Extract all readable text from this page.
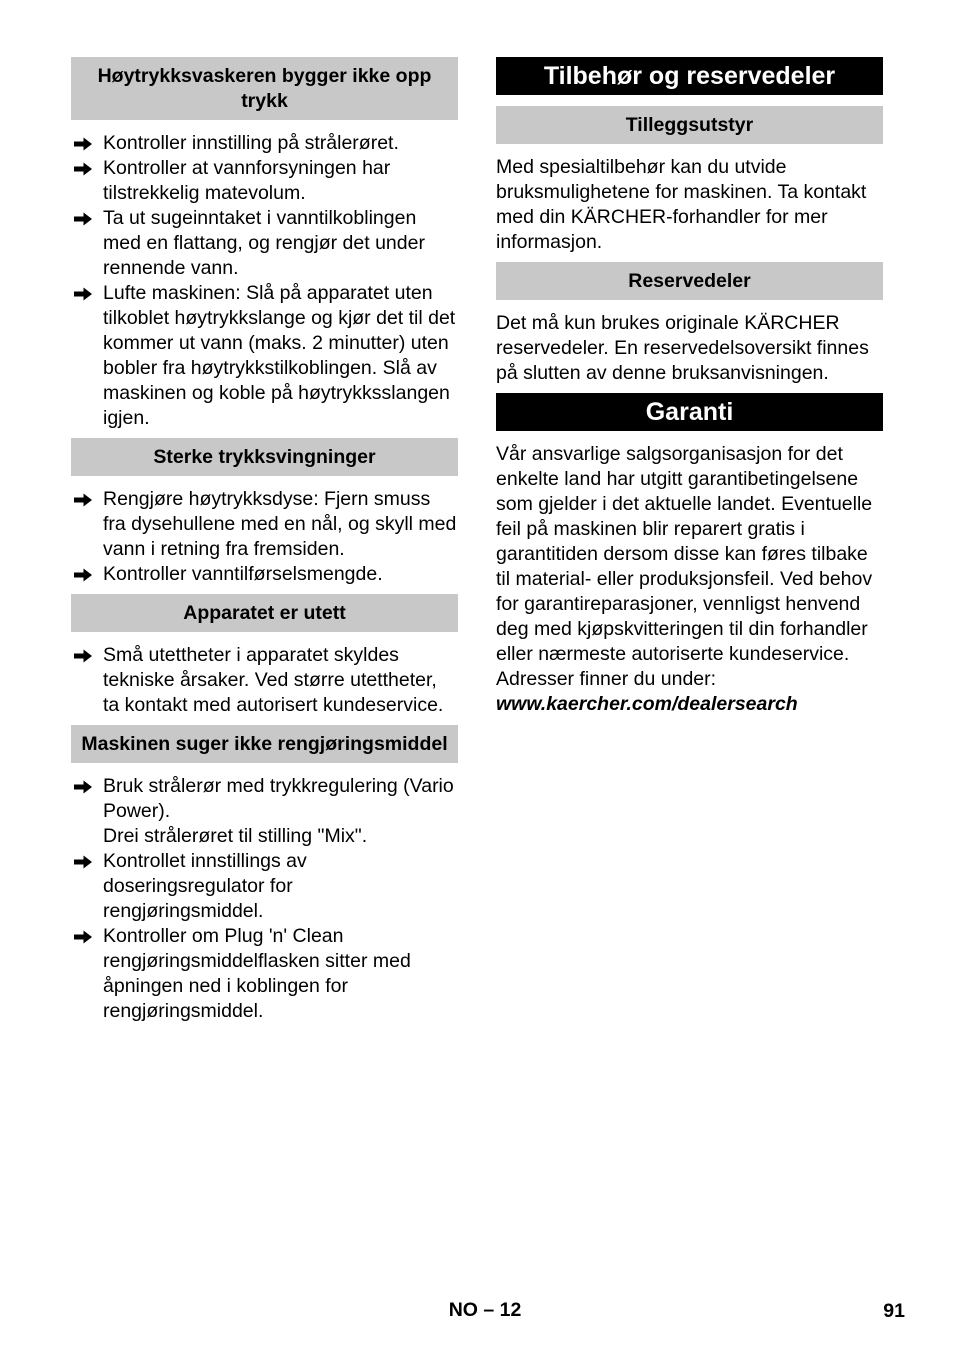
Høytrykksvaskeren bygger ikke opp trykk
Kontroller innstilling på strålerøret.
Kontroller at vannforsyningen har tilstrekkelig matevolum.
Ta ut sugeinntaket i vanntilkoblingen med en flattang, og rengjør det under rennende vann.
Lufte maskinen: Slå på apparatet uten tilkoblet høytrykkslange og kjør det til det kommer ut vann (maks. 2 minutter) uten bobler fra høytrykkstilkoblingen. Slå av maskinen og koble på høytrykksslangen igjen.
Sterke trykksvingninger
Rengjøre høytrykksdyse: Fjern smuss fra dysehullene med en nål, og skyll med vann i retning fra fremsiden.
Kontroller vanntilførselsmengde.
Apparatet er utett
Små utettheter i apparatet skyldes tekniske årsaker. Ved større utettheter, ta kontakt med autorisert kundeservice.
Maskinen suger ikke rengjøringsmiddel
Bruk strålerør med trykkregulering (Vario Power).
Drei strålerøret til stilling "Mix".
Kontrollet innstillings av doseringsregulator for rengjøringsmiddel.
Kontroller om Plug 'n' Clean rengjøringsmiddelflasken sitter med åpningen ned i koblingen for rengjøringsmiddel.
Tilbehør og reservedeler
Tilleggsutstyr

Med spesialtilbehør kan du utvide bruksmulighetene for maskinen. Ta kontakt med din KÄRCHER-forhandler for mer informasjon.

Reservedeler

Det må kun brukes originale KÄRCHER reservedeler. En reservedelsoversikt finnes på slutten av denne bruksanvisningen.

Garanti

Vår ansvarlige salgsorganisasjon for det enkelte land har utgitt garantibetingelsene som gjelder i det aktuelle landet. Eventuelle feil på maskinen blir reparert gratis i garantitiden dersom disse kan føres tilbake til material- eller produksjonsfeil. Ved behov for garantireparasjoner, vennligst henvend deg med kjøpskvitteringen til din forhandler eller nærmeste autoriserte kundeservice.
Adresser finner du under:
www.kaercher.com/dealersearch

NO – 12	91
